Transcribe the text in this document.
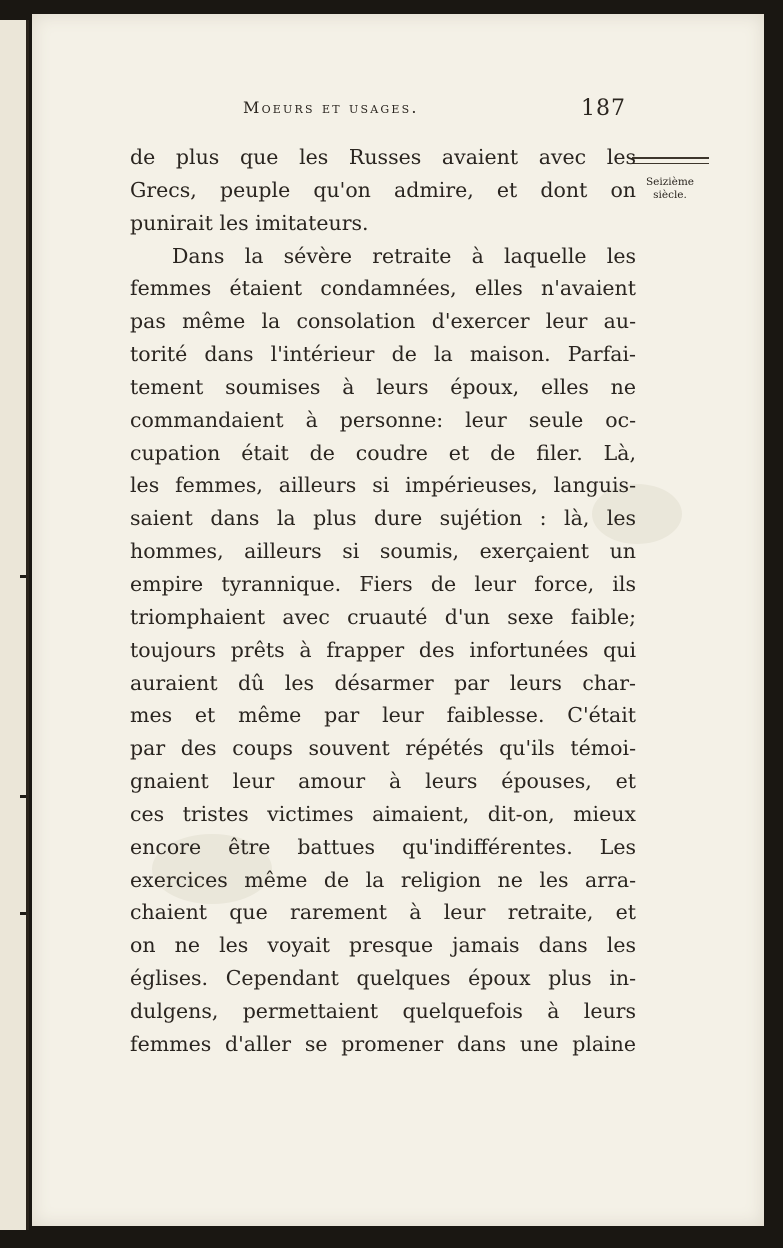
Moeurs et usages.	187
Seizième siècle.
de plus que les Russes avaient avec les
Grecs, peuple qu'on admire, et dont on
punirait les imitateurs.
Dans la sévère retraite à laquelle les
femmes étaient condamnées, elles n'avaient
pas même la consolation d'exercer leur au-
torité dans l'intérieur de la maison. Parfai-
tement soumises à leurs époux, elles ne
commandaient à personne: leur seule oc-
cupation était de coudre et de filer. Là,
les femmes, ailleurs si impérieuses, languis-
saient dans la plus dure sujétion : là, les
hommes, ailleurs si soumis, exerçaient un
empire tyrannique. Fiers de leur force, ils
triomphaient avec cruauté d'un sexe faible;
toujours prêts à frapper des infortunées qui
auraient dû les désarmer par leurs char-
mes et même par leur faiblesse. C'était
par des coups souvent répétés qu'ils témoi-
gnaient leur amour à leurs épouses, et
ces tristes victimes aimaient, dit-on, mieux
encore être battues qu'indifférentes. Les
exercices même de la religion ne les arra-
chaient que rarement à leur retraite, et
on ne les voyait presque jamais dans les
églises. Cependant quelques époux plus in-
dulgens, permettaient quelquefois à leurs
femmes d'aller se promener dans une plaine
